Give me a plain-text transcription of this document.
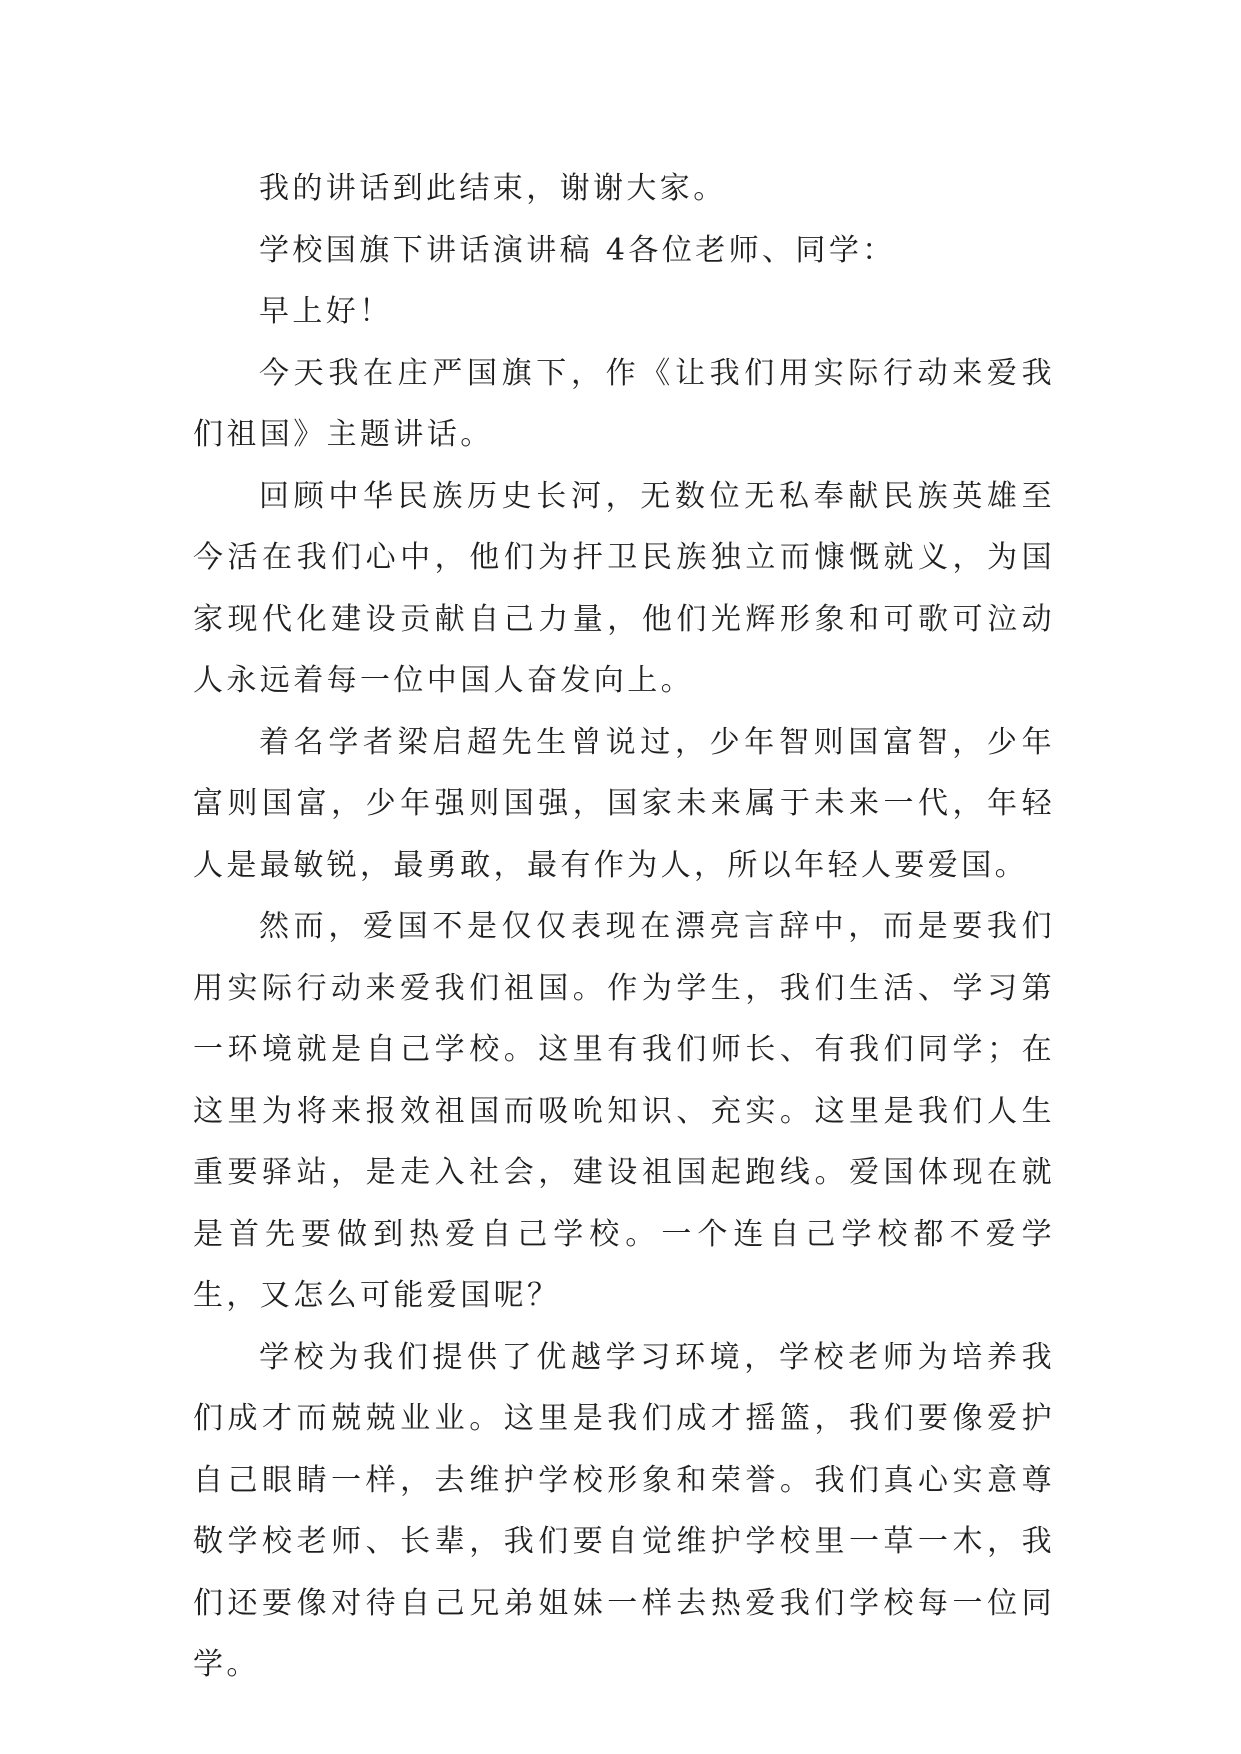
我的讲话到此结束，谢谢大家。

学校国旗下讲话演讲稿 4各位老师、同学：

早上好！

今天我在庄严国旗下，作《让我们用实际行动来爱我们祖国》主题讲话。

回顾中华民族历史长河，无数位无私奉献民族英雄至今活在我们心中，他们为扞卫民族独立而慷慨就义，为国家现代化建设贡献自己力量，他们光辉形象和可歌可泣动人永远着每一位中国人奋发向上。

着名学者梁启超先生曾说过，少年智则国富智，少年富则国富，少年强则国强，国家未来属于未来一代，年轻人是最敏锐，最勇敢，最有作为人，所以年轻人要爱国。

然而，爱国不是仅仅表现在漂亮言辞中，而是要我们用实际行动来爱我们祖国。作为学生，我们生活、学习第一环境就是自己学校。这里有我们师长、有我们同学；在这里为将来报效祖国而吸吮知识、充实。这里是我们人生重要驿站，是走入社会，建设祖国起跑线。爱国体现在就是首先要做到热爱自己学校。一个连自己学校都不爱学生，又怎么可能爱国呢？

学校为我们提供了优越学习环境，学校老师为培养我们成才而兢兢业业。这里是我们成才摇篮，我们要像爱护自己眼睛一样，去维护学校形象和荣誉。我们真心实意尊敬学校老师、长辈，我们要自觉维护学校里一草一木，我们还要像对待自己兄弟姐妹一样去热爱我们学校每一位同学。
